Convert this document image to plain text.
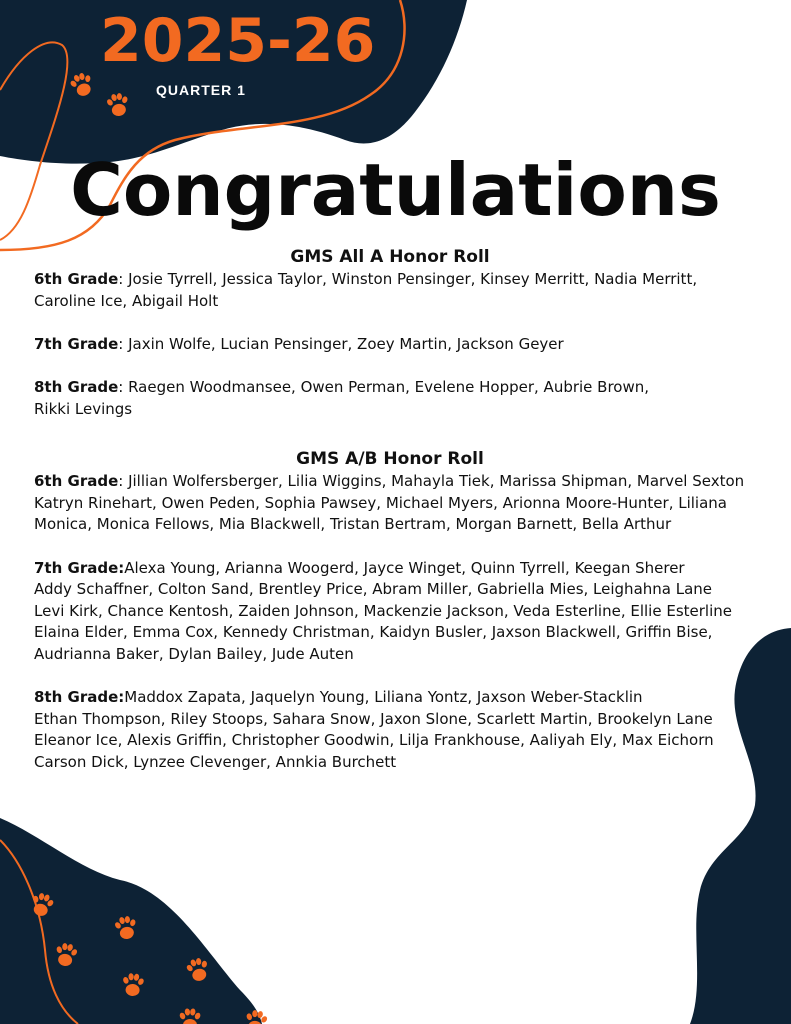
2025-26
QUARTER 1
Congratulations

GMS All A Honor Roll

6th Grade: Josie Tyrrell, Jessica Taylor, Winston Pensinger, Kinsey Merritt, Nadia Merritt,
Caroline Ice, Abigail Holt

7th Grade: Jaxin Wolfe, Lucian Pensinger, Zoey Martin, Jackson Geyer

8th Grade: Raegen Woodmansee, Owen Perman, Evelene Hopper, Aubrie Brown,
Rikki Levings

GMS A/B Honor Roll

6th Grade: Jillian Wolfersberger, Lilia Wiggins, Mahayla Tiek, Marissa Shipman, Marvel Sexton
Katryn Rinehart, Owen Peden, Sophia Pawsey, Michael Myers, Arionna Moore-Hunter, Liliana
Monica, Monica Fellows, Mia Blackwell, Tristan Bertram, Morgan Barnett, Bella Arthur

7th Grade:Alexa Young, Arianna Woogerd, Jayce Winget, Quinn Tyrrell, Keegan Sherer
Addy Schaffner, Colton Sand, Brentley Price, Abram Miller, Gabriella Mies, Leighahna Lane
Levi Kirk, Chance Kentosh, Zaiden Johnson, Mackenzie Jackson, Veda Esterline, Ellie Esterline
Elaina Elder, Emma Cox, Kennedy Christman, Kaidyn Busler, Jaxson Blackwell, Griffin Bise,
Audrianna Baker, Dylan Bailey, Jude Auten

8th Grade:Maddox Zapata, Jaquelyn Young, Liliana Yontz, Jaxson Weber-Stacklin
Ethan Thompson, Riley Stoops, Sahara Snow, Jaxon Slone, Scarlett Martin, Brookelyn Lane
Eleanor Ice, Alexis Griffin, Christopher Goodwin, Lilja Frankhouse, Aaliyah Ely, Max Eichorn
Carson Dick, Lynzee Clevenger, Annkia Burchett
